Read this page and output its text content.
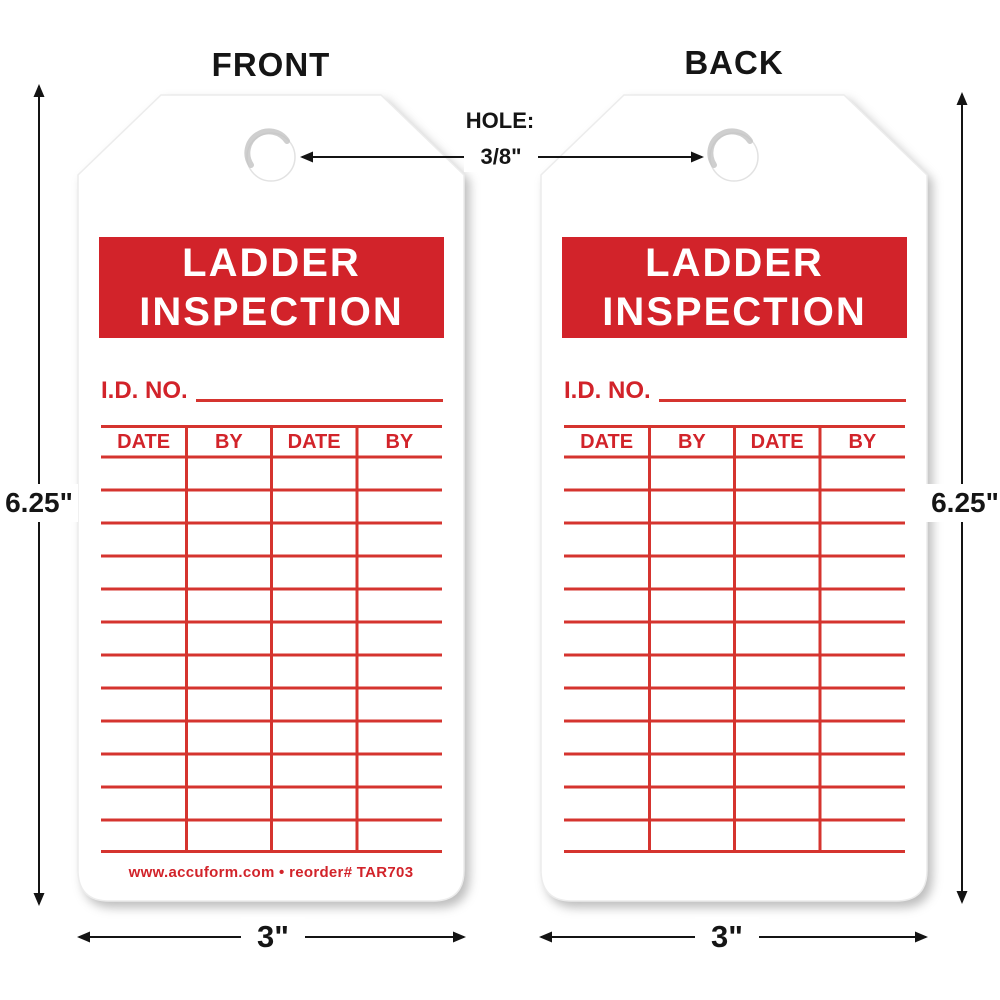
FRONT	BACK
LADDER
INSPECTION
I.D. NO.
DATE	BY	DATE	BY
www.accuform.com • reorder# TAR703
LADDER
INSPECTION
I.D. NO.
DATE	BY	DATE	BY
HOLE:
3/8"
6.25"	6.25"
3"	3"
